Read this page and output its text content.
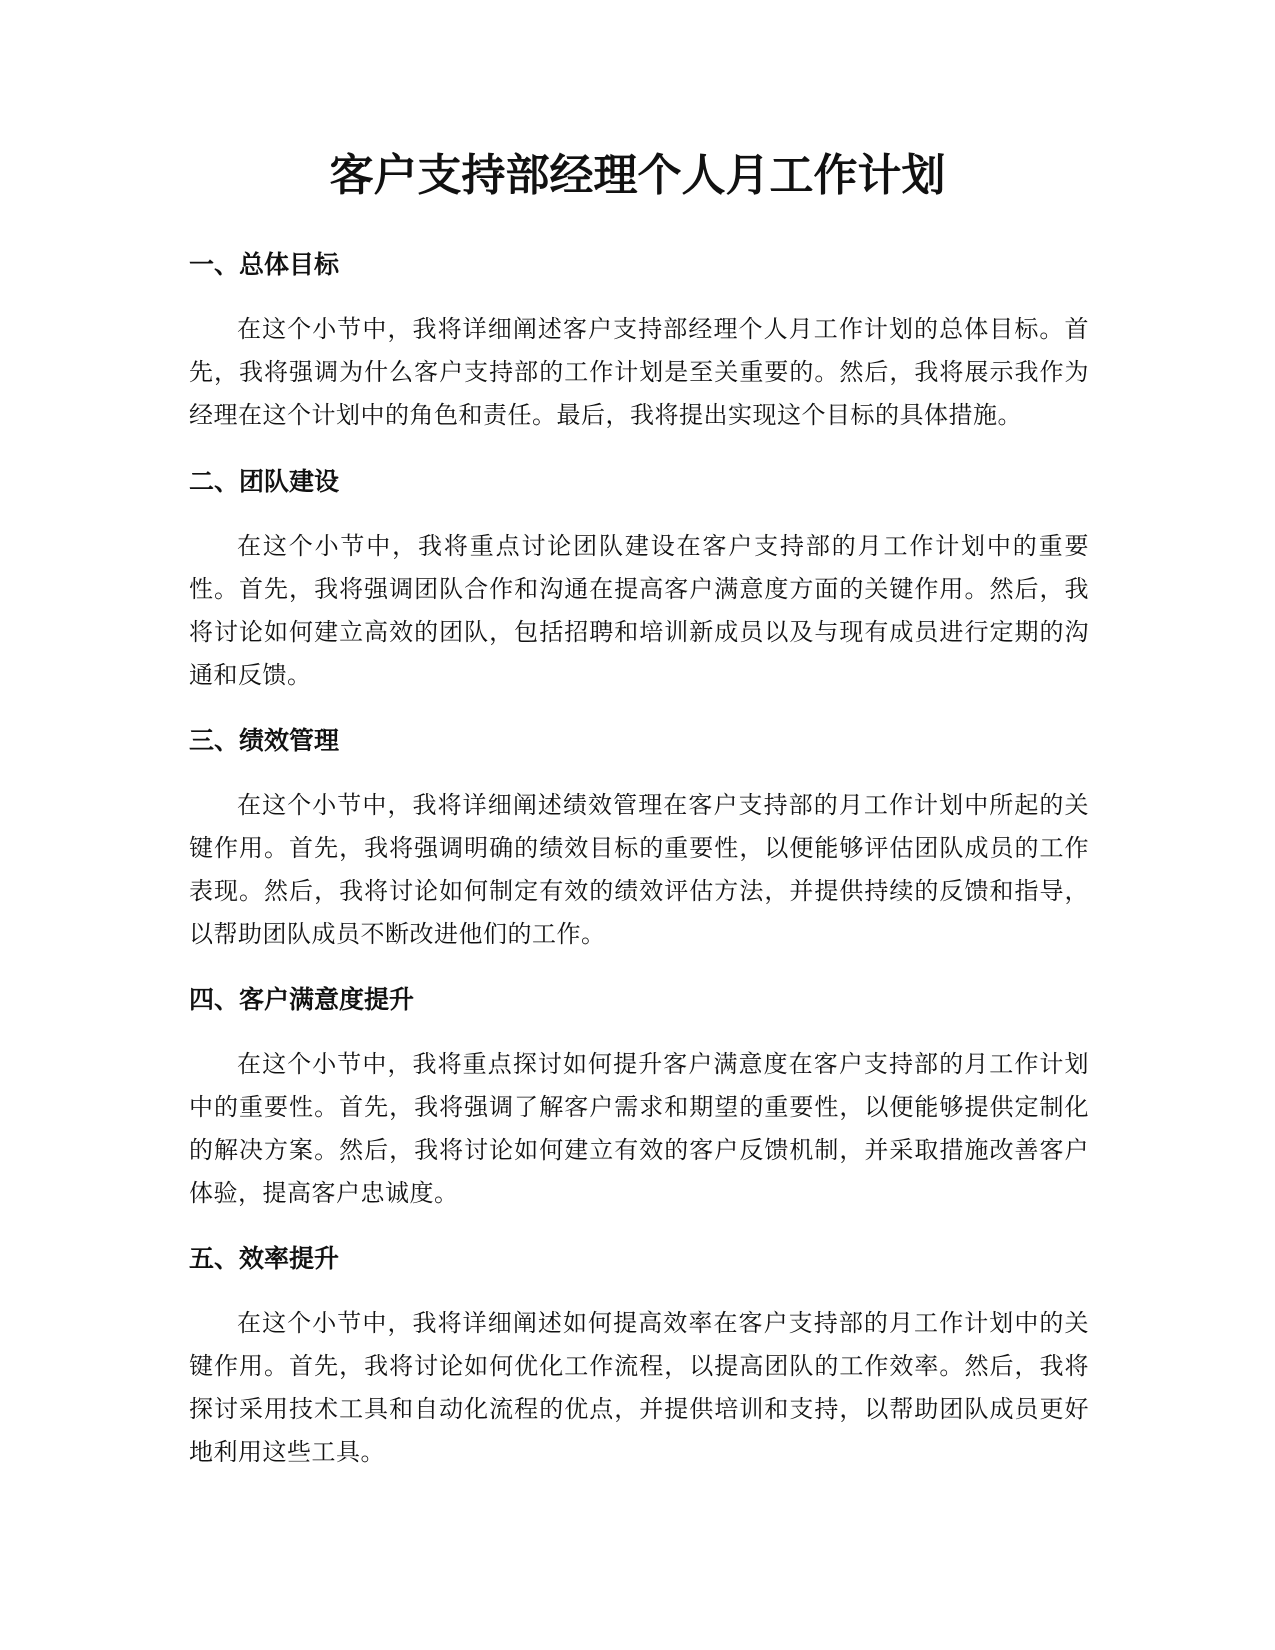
客户支持部经理个人月工作计划
一、总体目标

在这个小节中，我将详细阐述客户支持部经理个人月工作计划的总体目标。首先，我将强调为什么客户支持部的工作计划是至关重要的。然后，我将展示我作为经理在这个计划中的角色和责任。最后，我将提出实现这个目标的具体措施。

二、团队建设

在这个小节中，我将重点讨论团队建设在客户支持部的月工作计划中的重要性。首先，我将强调团队合作和沟通在提高客户满意度方面的关键作用。然后，我将讨论如何建立高效的团队，包括招聘和培训新成员以及与现有成员进行定期的沟通和反馈。

三、绩效管理

在这个小节中，我将详细阐述绩效管理在客户支持部的月工作计划中所起的关键作用。首先，我将强调明确的绩效目标的重要性，以便能够评估团队成员的工作表现。然后，我将讨论如何制定有效的绩效评估方法，并提供持续的反馈和指导，以帮助团队成员不断改进他们的工作。

四、客户满意度提升

在这个小节中，我将重点探讨如何提升客户满意度在客户支持部的月工作计划中的重要性。首先，我将强调了解客户需求和期望的重要性，以便能够提供定制化的解决方案。然后，我将讨论如何建立有效的客户反馈机制，并采取措施改善客户体验，提高客户忠诚度。

五、效率提升

在这个小节中，我将详细阐述如何提高效率在客户支持部的月工作计划中的关键作用。首先，我将讨论如何优化工作流程，以提高团队的工作效率。然后，我将探讨采用技术工具和自动化流程的优点，并提供培训和支持，以帮助团队成员更好地利用这些工具。
